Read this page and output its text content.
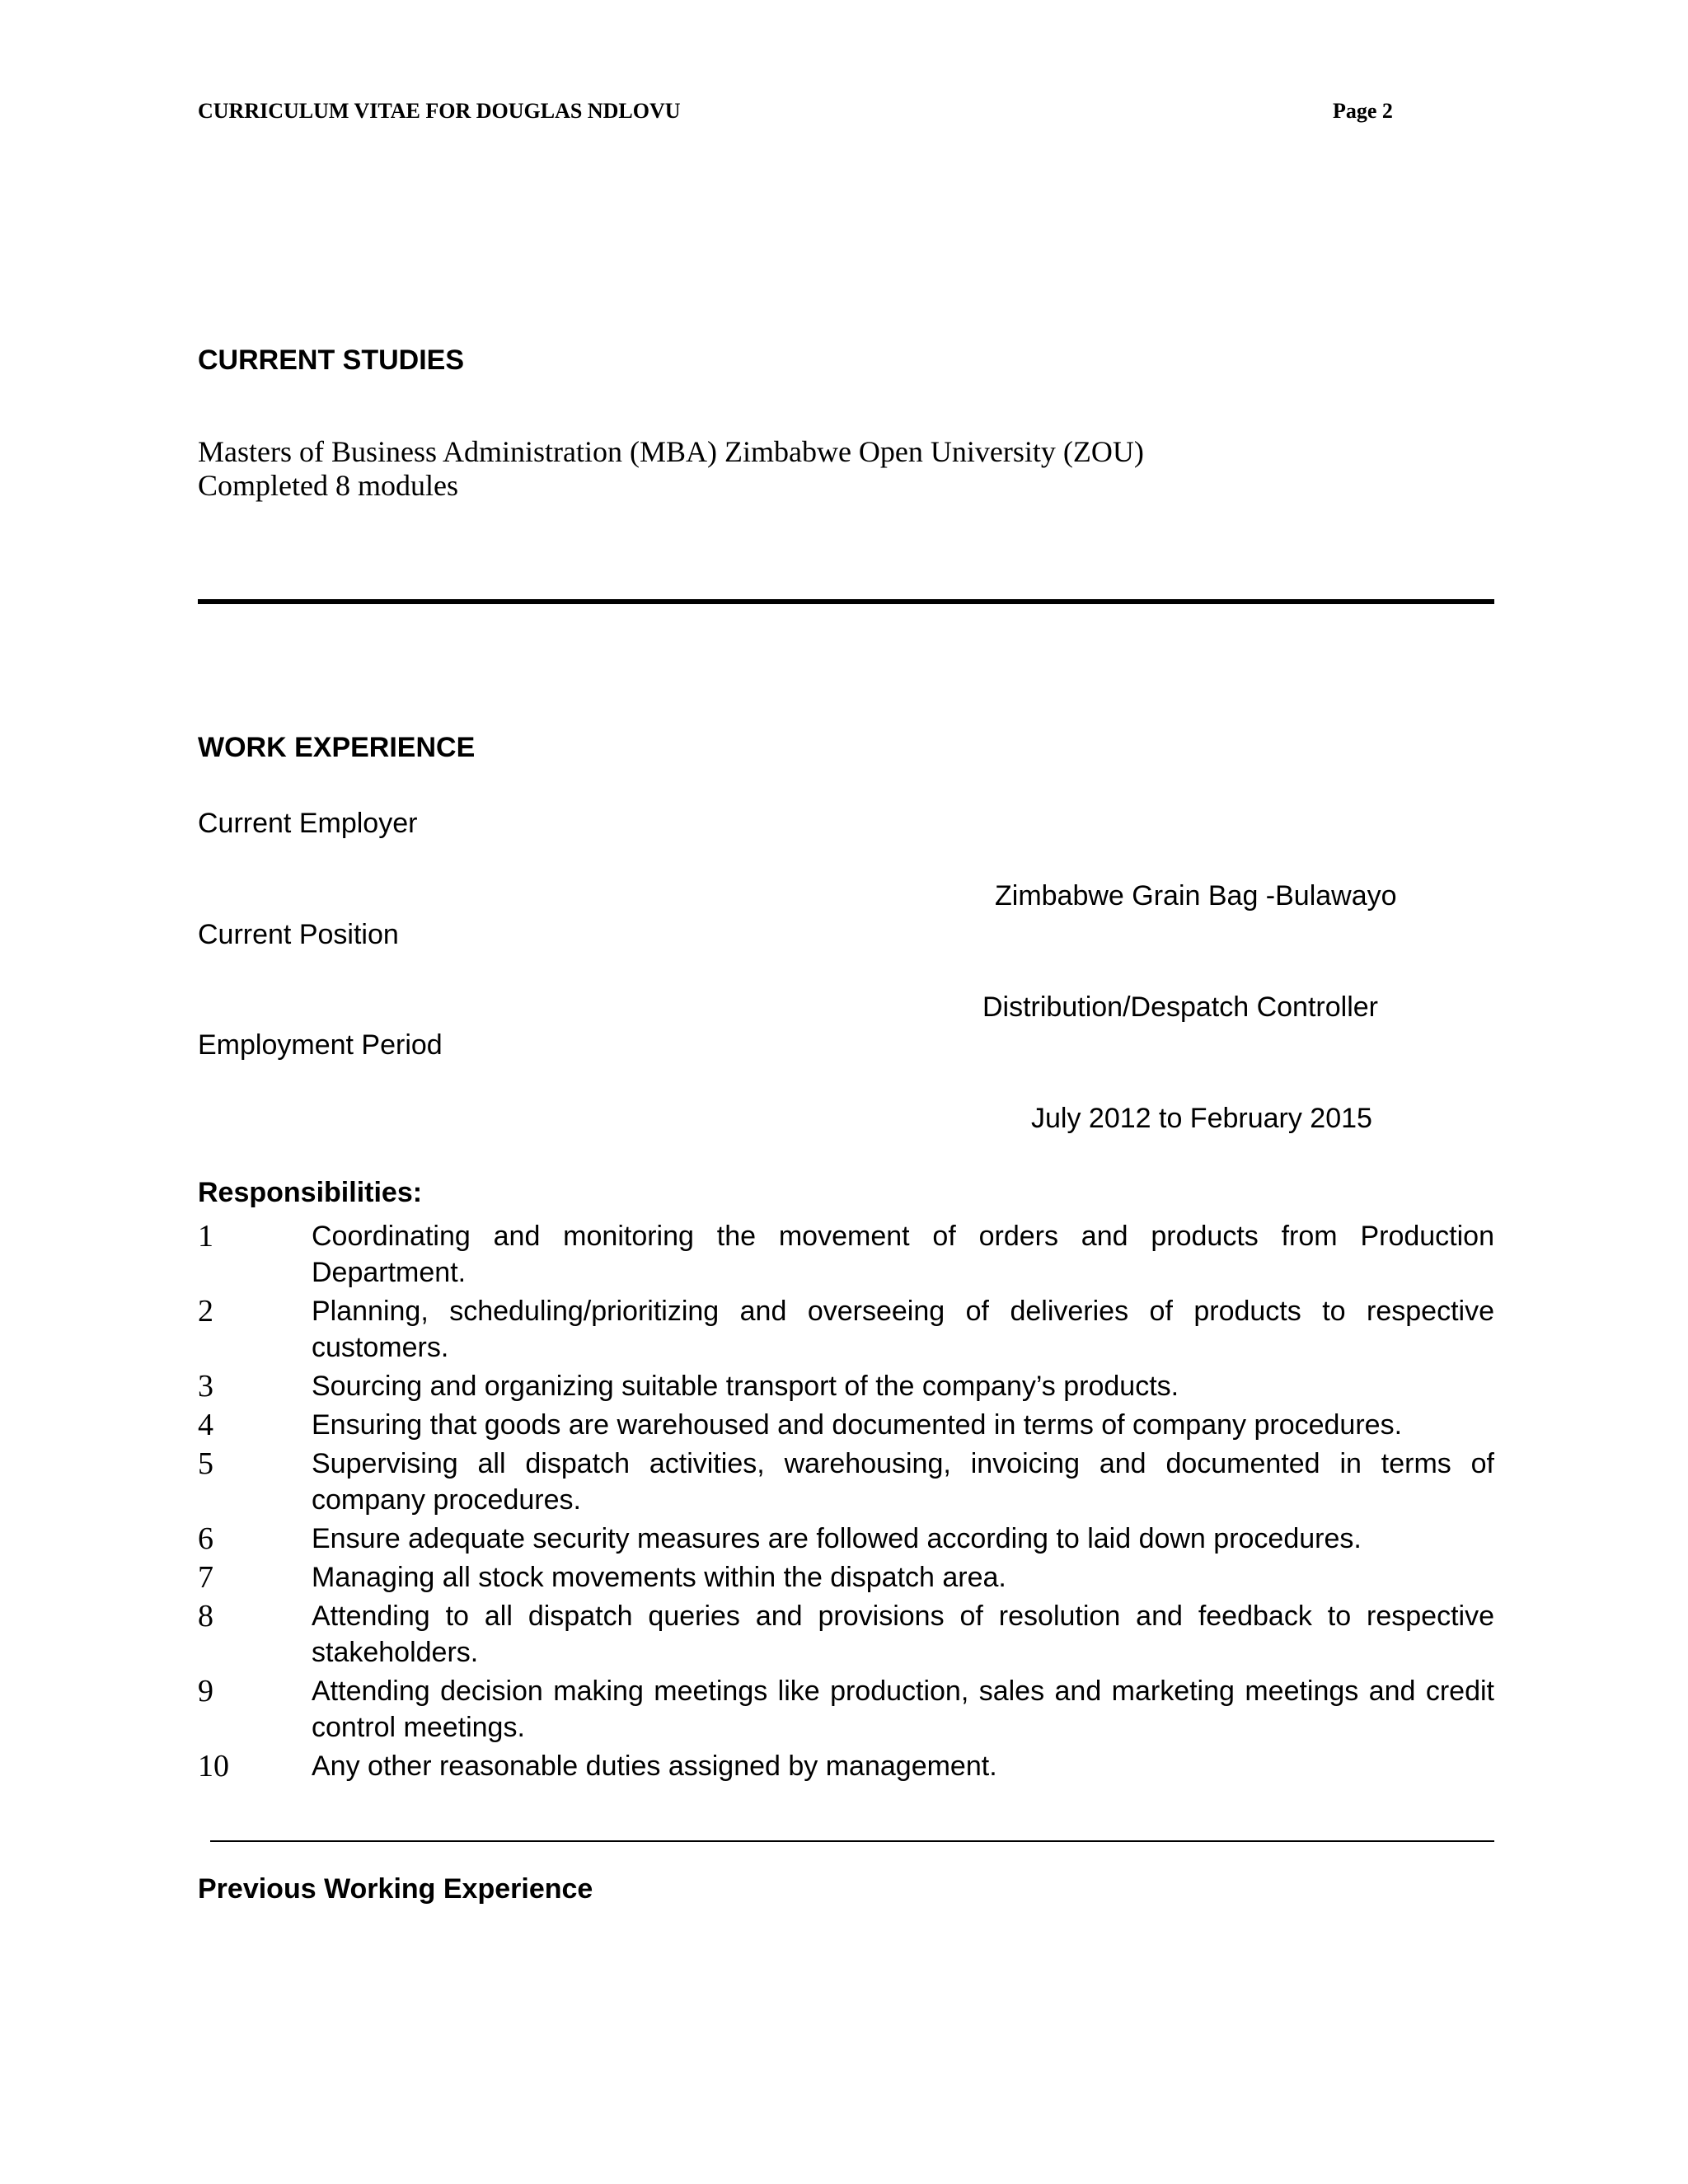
CURRICULUM VITAE FOR DOUGLAS NDLOVU	Page 2
CURRENT STUDIES
Masters of Business Administration (MBA) Zimbabwe Open University (ZOU)
Completed 8 modules
WORK EXPERIENCE
Current Employer
Zimbabwe Grain Bag -Bulawayo
Current Position
Distribution/Despatch Controller
Employment Period
July 2012 to February 2015
Responsibilities:
1	Coordinating and monitoring the movement of orders and products from Production Department.
2	Planning, scheduling/prioritizing and overseeing of deliveries of products to respective customers.
3	Sourcing and organizing suitable transport of the company’s products.
4	Ensuring that goods are warehoused and documented in terms of company procedures.
5	Supervising all dispatch activities, warehousing, invoicing and documented in terms of company procedures.
6	Ensure adequate security measures are followed according to laid down procedures.
7	Managing all stock movements within the dispatch area.
8	Attending to all dispatch queries and provisions of resolution and feedback to respective stakeholders.
9	Attending decision making meetings like production, sales and marketing meetings and credit control meetings.
10	Any other reasonable duties assigned by management.
Previous Working Experience
